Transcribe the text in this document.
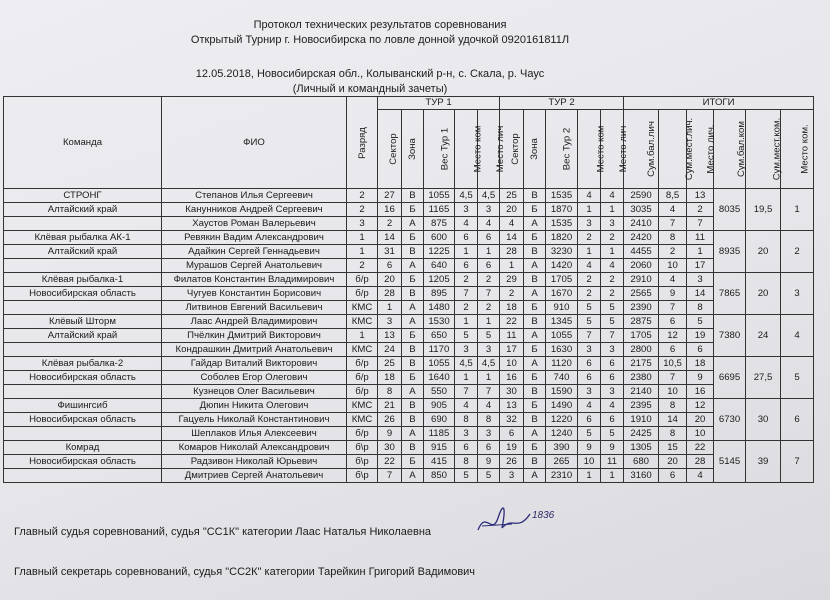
Протокол технических результатов соревнования
Открытый Турнир г. Новосибирска по ловле донной удочкой 0920161811Л
12.05.2018, Новосибирская обл., Колыванский р-н, с. Скала, р. Чаус
(Личный и командный зачеты)
Команда	ФИО	Разряд	ТУР 1					ТУР 2					ИТОГИ					
			Сектор	Зона	Вес Тур 1	Место ком	Место лич	Сектор	Зона	Вес Тур 2	Место ком	Место лич	Сум.бал.лич	Сум.мест.лич.	Место лич.	Сум.бал.ком	Сум.мест.ком.	Место ком.
СТРОНГ	Степанов Илья Сергеевич	2	27	В	1055	4,5	4,5	25	В	1535	4	4	2590	8,5	13	8035	19,5	1
Алтайский край	Канунников Андрей Сергеевич	2	16	Б	1165	3	3	20	Б	1870	1	1	3035	4	2			
	Хаустов Роман Валерьевич	3	2	А	875	4	4	4	А	1535	3	3	2410	7	7			
Клёвая рыбалка АК-1	Ревякин Вадим Александрович	1	14	Б	600	6	6	14	Б	1820	2	2	2420	8	11	8935	20	2
Алтайский край	Адайкин Сергей Геннадьевич	1	31	В	1225	1	1	28	В	3230	1	1	4455	2	1			
	Мурашов Сергей Анатольевич	2	6	А	640	6	6	1	А	1420	4	4	2060	10	17			
Клёвая рыбалка-1	Филатов Константин Владимирович	б/р	20	Б	1205	2	2	29	В	1705	2	2	2910	4	3	7865	20	3
Новосибирская область	Чугуев Константин Борисович	б/р	28	В	895	7	7	2	А	1670	2	2	2565	9	14			
	Литвинов Евгений Васильевич	КМС	1	А	1480	2	2	18	Б	910	5	5	2390	7	8			
Клёвый Шторм	Лаас Андрей Владимирович	КМС	3	А	1530	1	1	22	В	1345	5	5	2875	6	5	7380	24	4
Алтайский край	Пчёлкин Дмитрий Викторович	1	13	Б	650	5	5	11	А	1055	7	7	1705	12	19			
	Кондрашкин Дмитрий Анатольевич	КМС	24	В	1170	3	3	17	Б	1630	3	3	2800	6	6			
Клёвая рыбалка-2	Гайдар Виталий Викторович	б/р	25	В	1055	4,5	4,5	10	А	1120	6	6	2175	10,5	18	6695	27,5	5
Новосибирская область	Соболев Егор Олегович	б/р	18	Б	1640	1	1	16	Б	740	6	6	2380	7	9			
	Кузнецов Олег Васильевич	б/р	8	А	550	7	7	30	В	1590	3	3	2140	10	16			
Фишингсиб	Дюпин Никита Олегович	КМС	21	В	905	4	4	13	Б	1490	4	4	2395	8	12	6730	30	6
Новосибирская область	Гацуель Николай Константинович	КМС	26	В	690	8	8	32	В	1220	6	6	1910	14	20			
	Шеплаков Илья Алексеевич	б/р	9	А	1185	3	3	6	А	1240	5	5	2425	8	10			
Комрад	Комаров Николай Александрович	б\р	30	В	915	6	6	19	Б	390	9	9	1305	15	22	5145	39	7
Новосибирская область	Радзивон Николай Юрьевич	б\р	22	Б	415	8	9	26	В	265	10	11	680	20	28			
	Дмитриев Сергей Анатольевич	б\р	7	А	850	5	5	3	А	2310	1	1	3160	6	4			
Главный судья соревнований, судья "СС1К" категории Лаас Наталья Николаевна
Главный секретарь соревнований, судья "СС2К" категории Тарейкин Григорий Вадимович
1836
